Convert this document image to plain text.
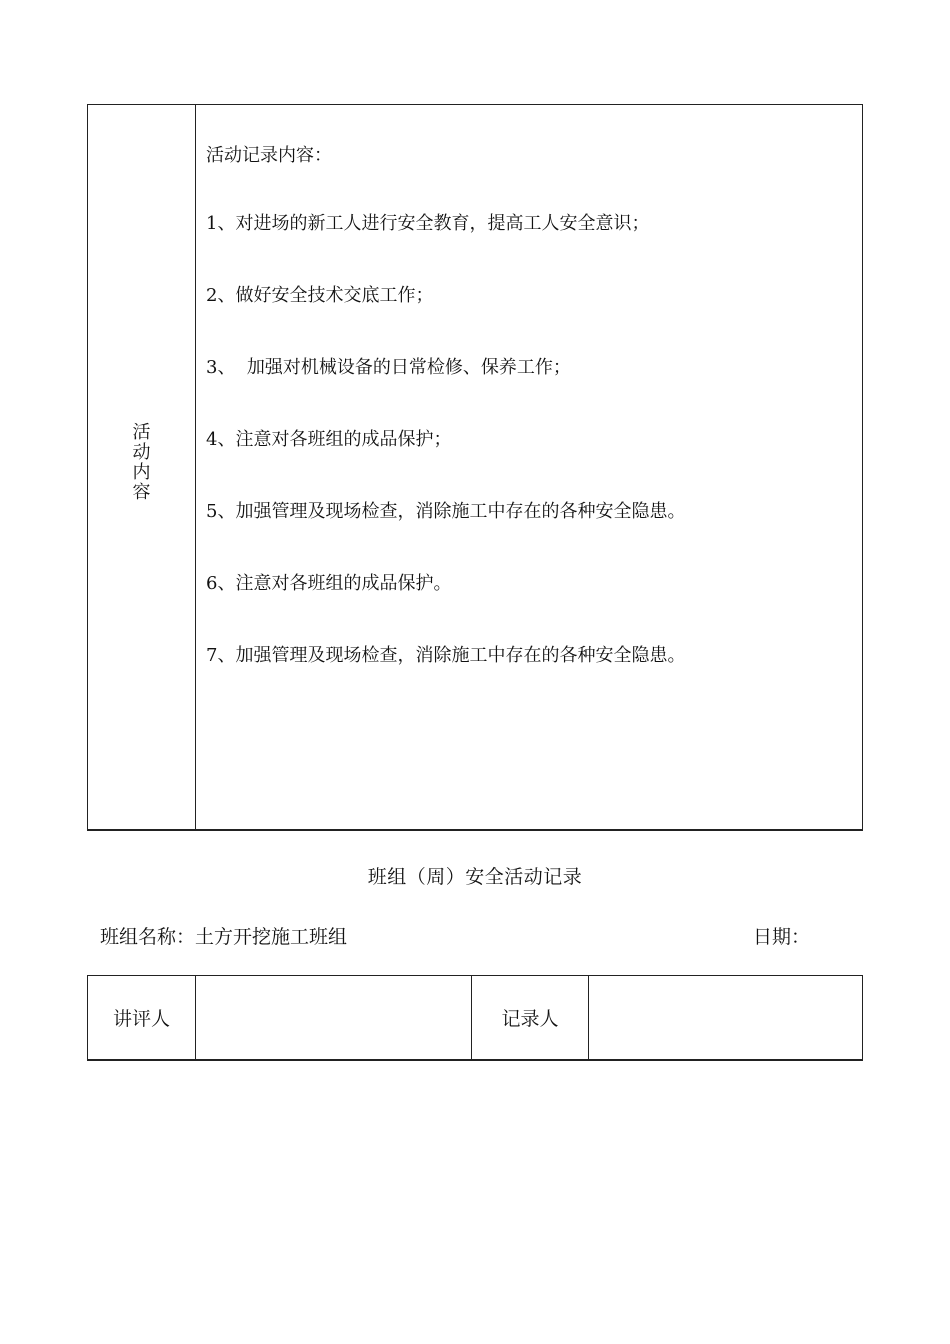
活
动
内
容
活动记录内容：
1、对进场的新工人进行安全教育，提高工人安全意识；
2、做好安全技术交底工作；
3、  加强对机械设备的日常检修、保养工作；
4、注意对各班组的成品保护；
5、加强管理及现场检查，消除施工中存在的各种安全隐患。
6、注意对各班组的成品保护。
7、加强管理及现场检查，消除施工中存在的各种安全隐患。
班组（周）安全活动记录
班组名称：土方开挖施工班组	日期：
讲评人	记录人
